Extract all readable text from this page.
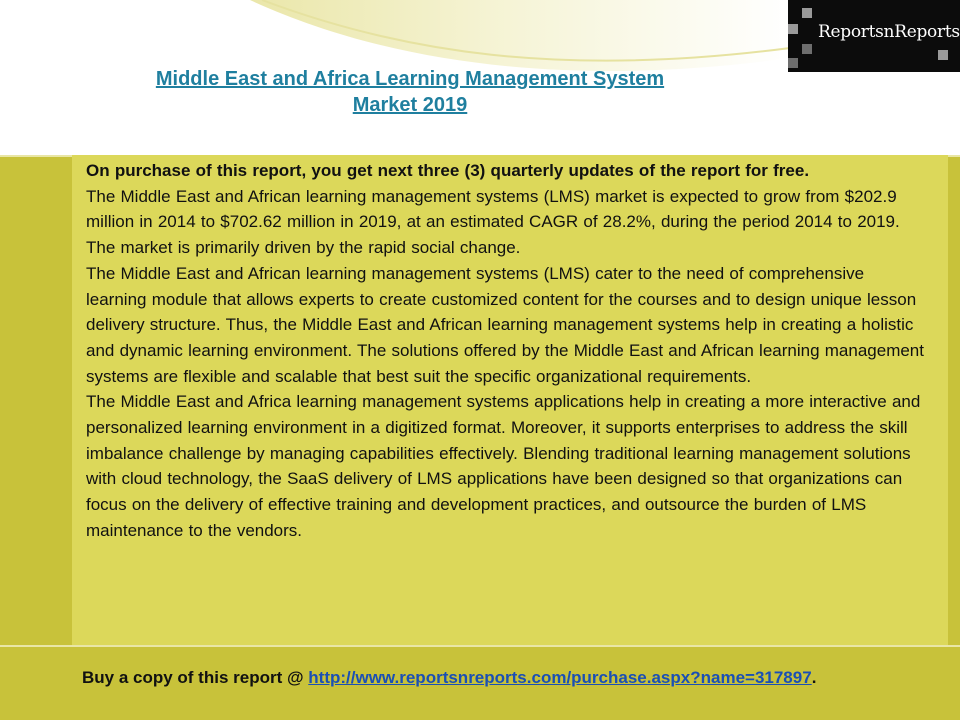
Middle East and Africa Learning Management System
Market 2019
ReportsnReports

On purchase of this report, you get next three (3) quarterly updates of the report for free.

The Middle East and African learning management systems (LMS) market is expected to grow from $202.9 million in 2014 to $702.62 million in 2019, at an estimated CAGR of 28.2%, during the period 2014 to 2019. The market is primarily driven by the rapid social change.

The Middle East and African learning management systems (LMS) cater to the need of comprehensive learning module that allows experts to create customized content for the courses and to design unique lesson delivery structure. Thus, the Middle East and African learning management systems help in creating a holistic and dynamic learning environment. The solutions offered by the Middle East and African learning management systems are flexible and scalable that best suit the specific organizational requirements.

The Middle East and Africa learning management systems applications help in creating a more interactive and personalized learning environment in a digitized format. Moreover, it supports enterprises to address the skill imbalance challenge by managing capabilities effectively. Blending traditional learning management solutions with cloud technology, the SaaS delivery of LMS applications have been designed so that organizations can focus on the delivery of effective training and development practices, and outsource the burden of LMS maintenance to the vendors.

Buy a copy of this report @ http://www.reportsnreports.com/purchase.aspx?name=317897.
